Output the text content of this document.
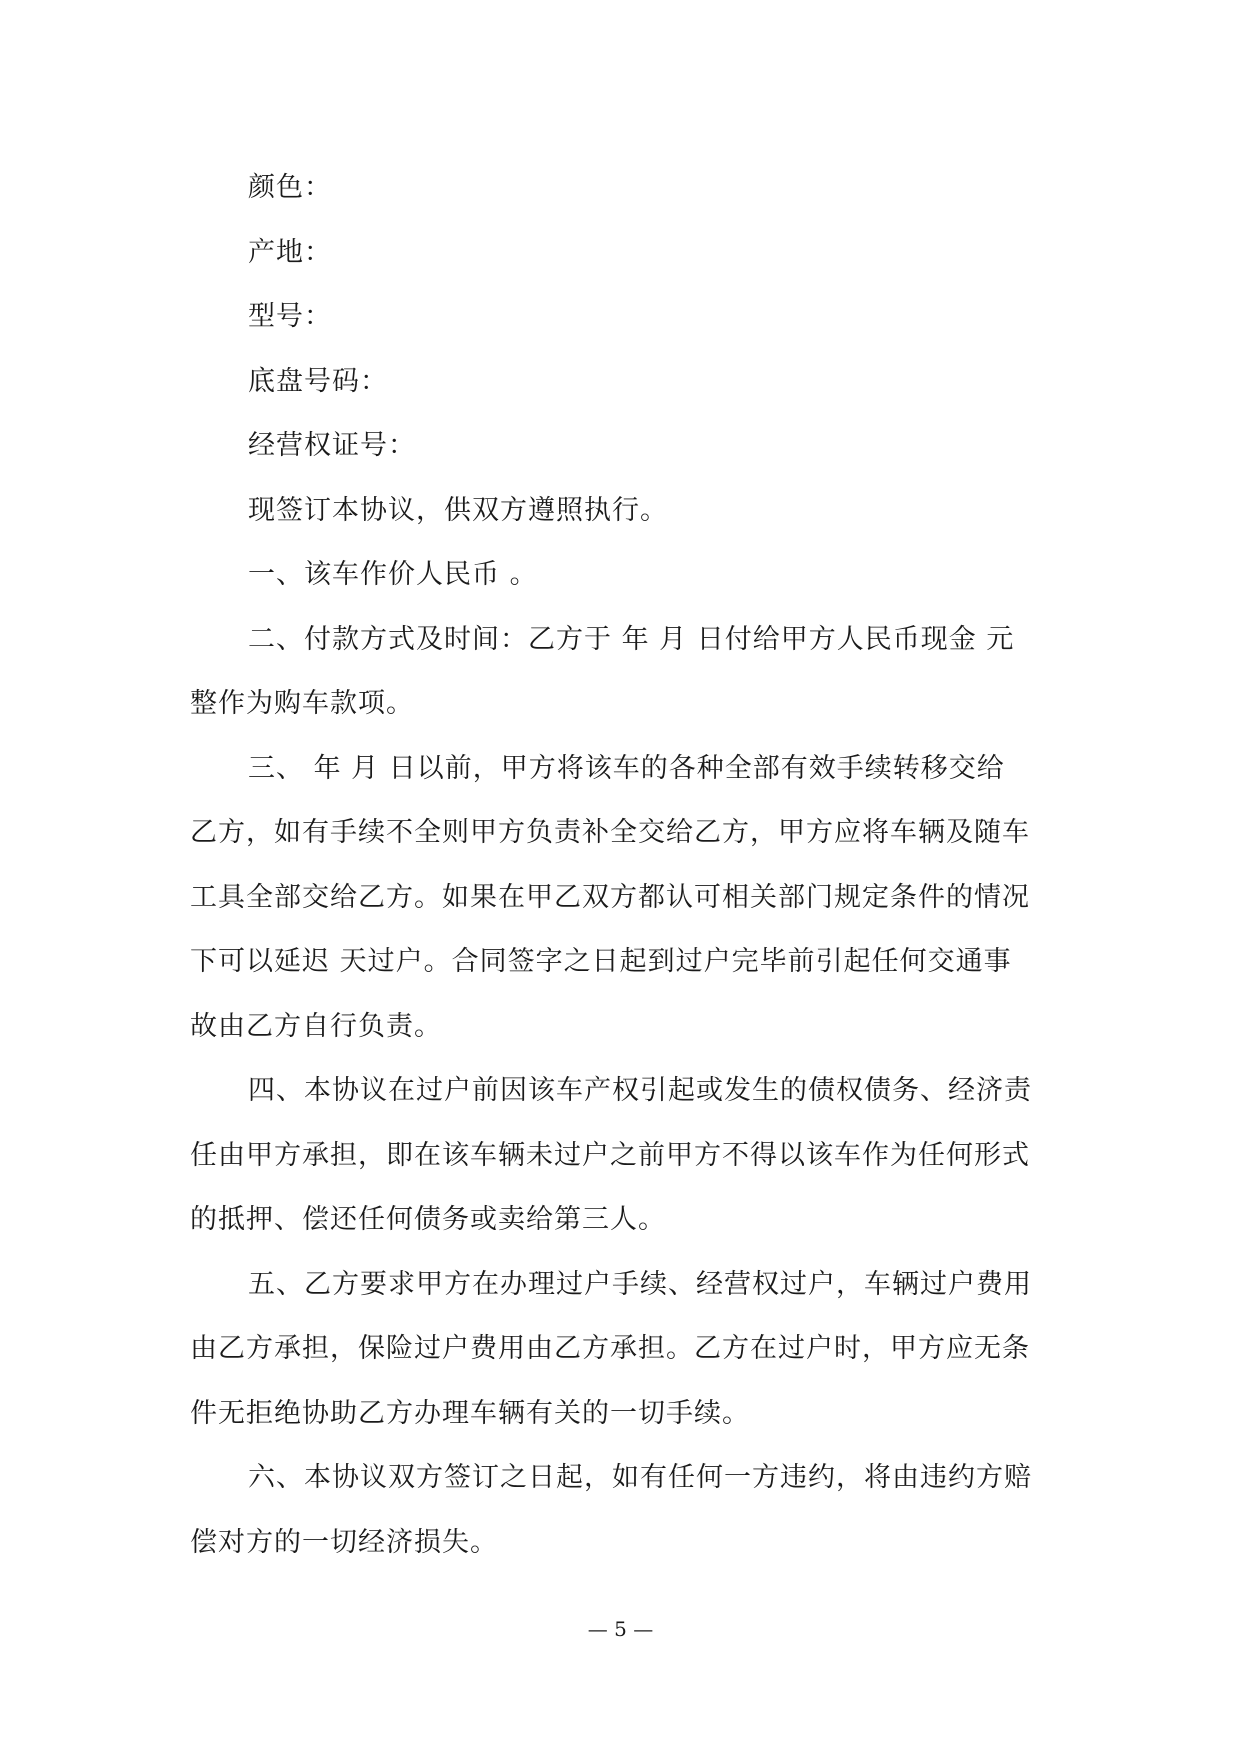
颜色：
产地：
型号：
底盘号码：
经营权证号：
现签订本协议，供双方遵照执行。
一、该车作价人民币 。
二、付款方式及时间：乙方于 年 月 日付给甲方人民币现金 元
整作为购车款项。
三、 年 月 日以前，甲方将该车的各种全部有效手续转移交给
乙方，如有手续不全则甲方负责补全交给乙方，甲方应将车辆及随车
工具全部交给乙方。如果在甲乙双方都认可相关部门规定条件的情况
下可以延迟 天过户。合同签字之日起到过户完毕前引起任何交通事
故由乙方自行负责。
四、本协议在过户前因该车产权引起或发生的债权债务、经济责
任由甲方承担，即在该车辆未过户之前甲方不得以该车作为任何形式
的抵押、偿还任何债务或卖给第三人。
五、乙方要求甲方在办理过户手续、经营权过户，车辆过户费用
由乙方承担，保险过户费用由乙方承担。乙方在过户时，甲方应无条
件无拒绝协助乙方办理车辆有关的一切手续。
六、本协议双方签订之日起，如有任何一方违约，将由违约方赔
偿对方的一切经济损失。
— 5 —
